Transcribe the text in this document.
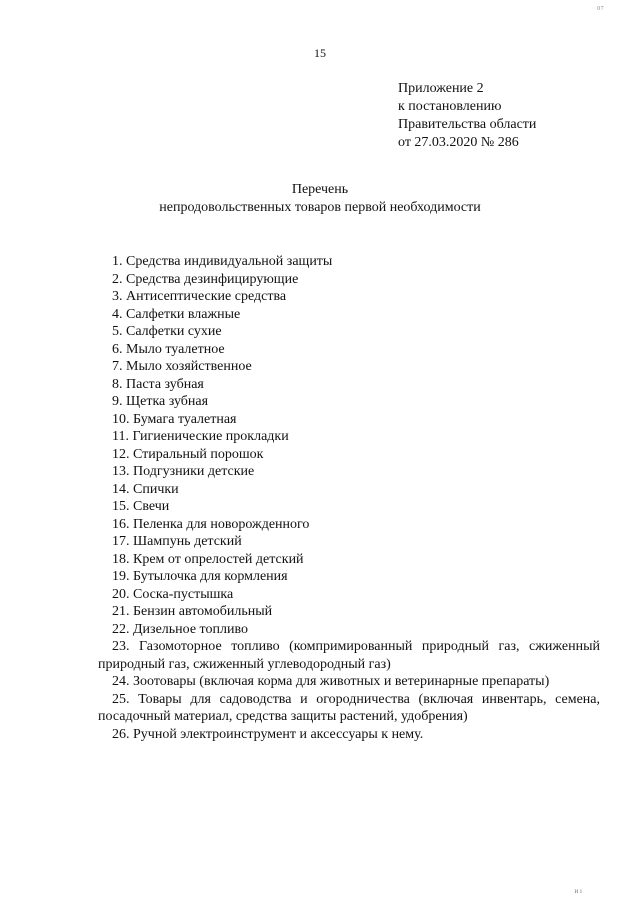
₀₇
15
Приложение 2
к постановлению
Правительства области
от 27.03.2020 № 286
Перечень
непродовольственных товаров первой необходимости
1. Средства индивидуальной защиты
2. Средства дезинфицирующие
3. Антисептические средства
4. Салфетки влажные
5. Салфетки сухие
6. Мыло туалетное
7. Мыло хозяйственное
8. Паста зубная
9. Щетка зубная
10. Бумага туалетная
11. Гигиенические прокладки
12. Стиральный порошок
13. Подгузники детские
14. Спички
15. Свечи
16. Пеленка для новорожденного
17. Шампунь детский
18. Крем от опрелостей детский
19. Бутылочка для кормления
20. Соска-пустышка
21. Бензин автомобильный
22. Дизельное топливо
23. Газомоторное топливо (компримированный природный газ, сжиженный природный газ, сжиженный углеводородный газ)
24. Зоотовары (включая корма для животных и ветеринарные препараты)
25. Товары для садоводства и огородничества (включая инвентарь, семена, посадочный материал, средства защиты растений, удобрения)
26. Ручной электроинструмент и аксессуары к нему.
и ı
